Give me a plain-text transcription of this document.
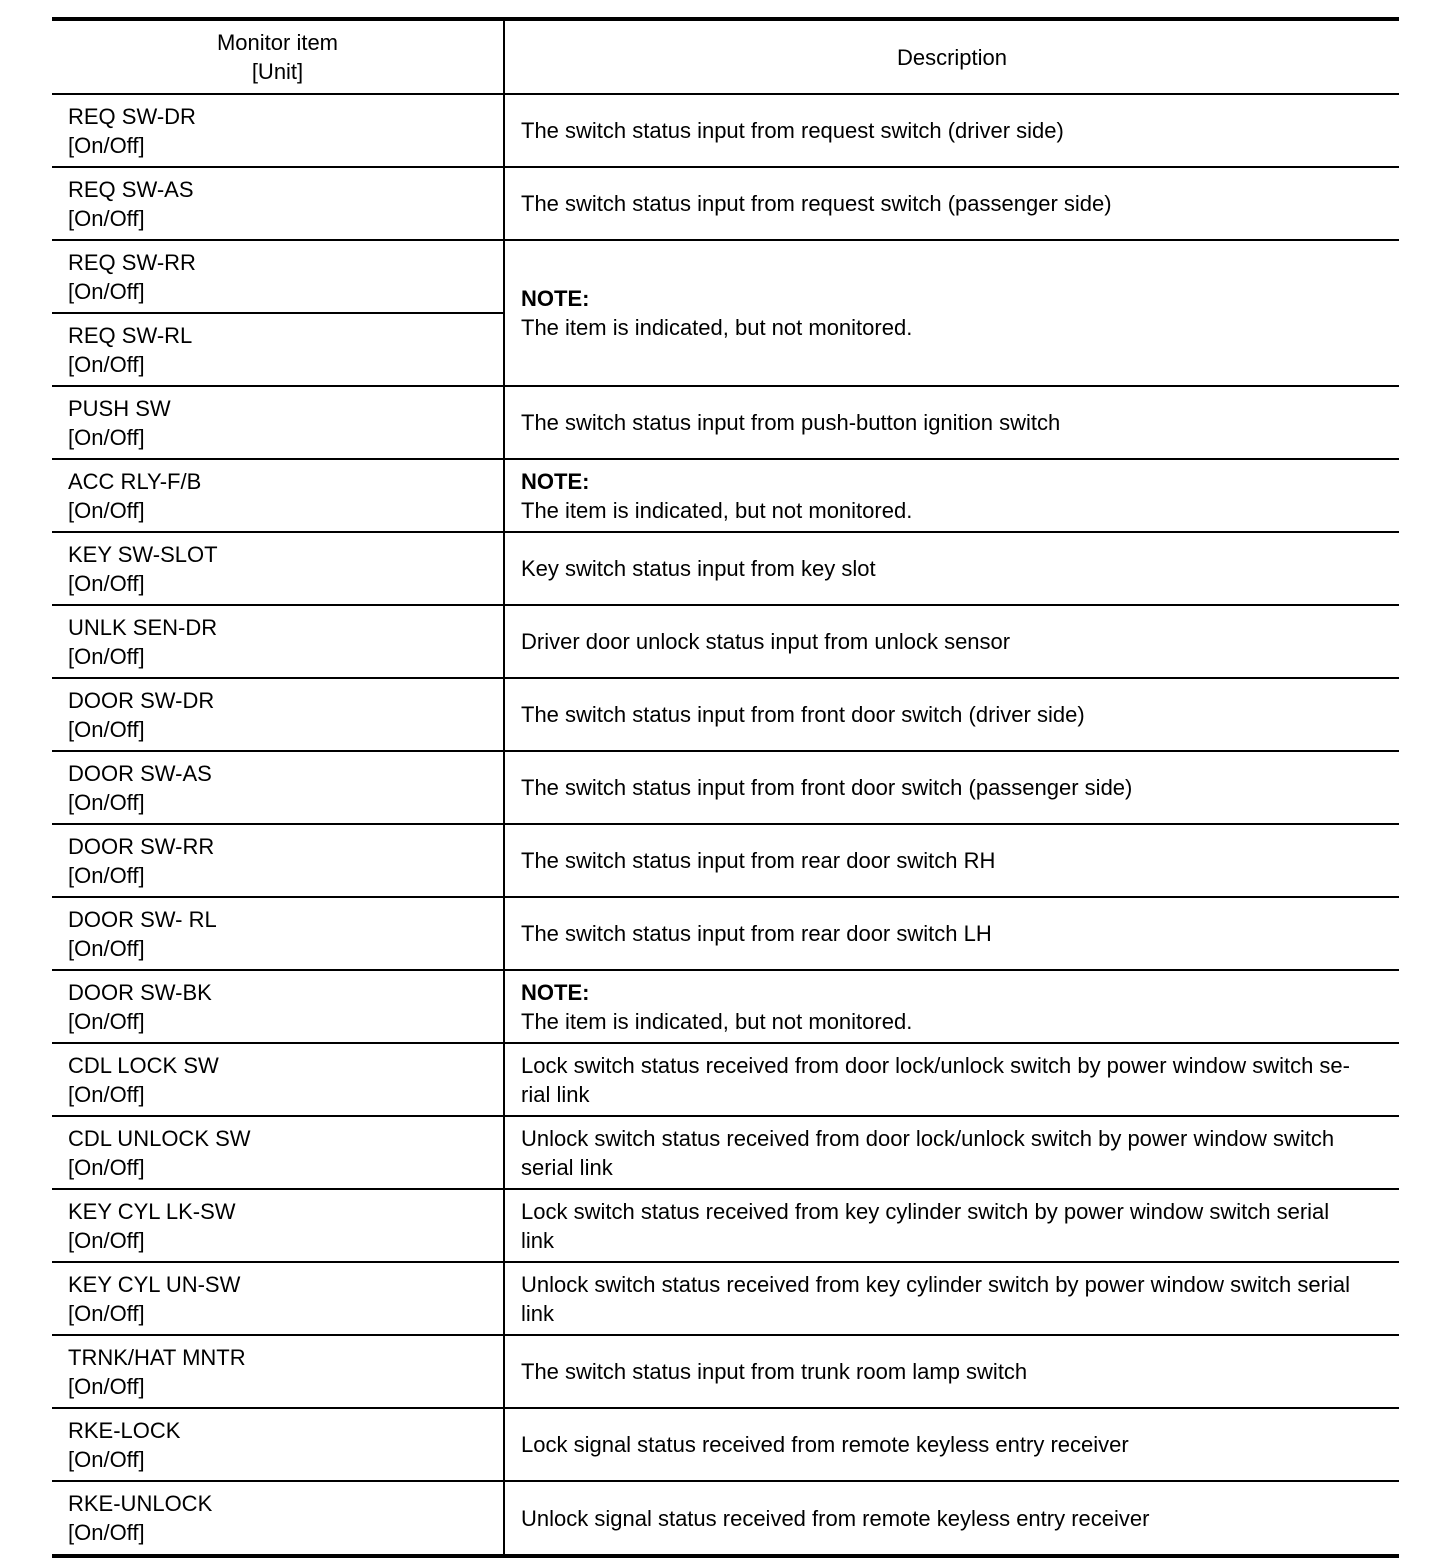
Monitor item
[Unit]	Description

REQ SW-DR
[On/Off]	The switch status input from request switch (driver side)

REQ SW-AS
[On/Off]	The switch status input from request switch (passenger side)

REQ SW-RR
[On/Off]	NOTE:
The item is indicated, but not monitored.

REQ SW-RL
[On/Off]	

PUSH SW
[On/Off]	The switch status input from push-button ignition switch

ACC RLY-F/B
[On/Off]	NOTE:
The item is indicated, but not monitored.

KEY SW-SLOT
[On/Off]	Key switch status input from key slot

UNLK SEN-DR
[On/Off]	Driver door unlock status input from unlock sensor

DOOR SW-DR
[On/Off]	The switch status input from front door switch (driver side)

DOOR SW-AS
[On/Off]	The switch status input from front door switch (passenger side)

DOOR SW-RR
[On/Off]	The switch status input from rear door switch RH

DOOR SW- RL
[On/Off]	The switch status input from rear door switch LH

DOOR SW-BK
[On/Off]	NOTE:
The item is indicated, but not monitored.

CDL LOCK SW
[On/Off]	Lock switch status received from door lock/unlock switch by power window switch se-
rial link

CDL UNLOCK SW
[On/Off]	Unlock switch status received from door lock/unlock switch by power window switch
serial link

KEY CYL LK-SW
[On/Off]	Lock switch status received from key cylinder switch by power window switch serial
link

KEY CYL UN-SW
[On/Off]	Unlock switch status received from key cylinder switch by power window switch serial
link

TRNK/HAT MNTR
[On/Off]	The switch status input from trunk room lamp switch

RKE-LOCK
[On/Off]	Lock signal status received from remote keyless entry receiver

RKE-UNLOCK
[On/Off]	Unlock signal status received from remote keyless entry receiver
